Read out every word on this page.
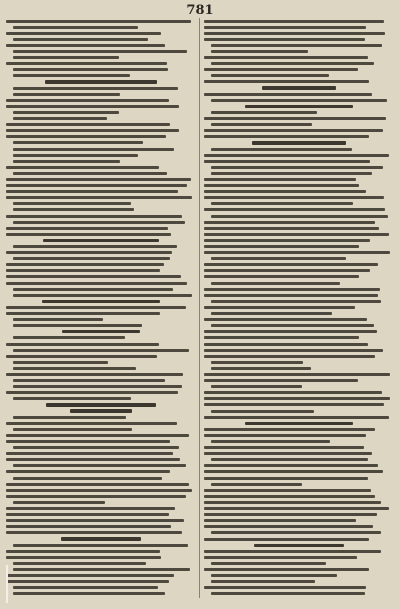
781
